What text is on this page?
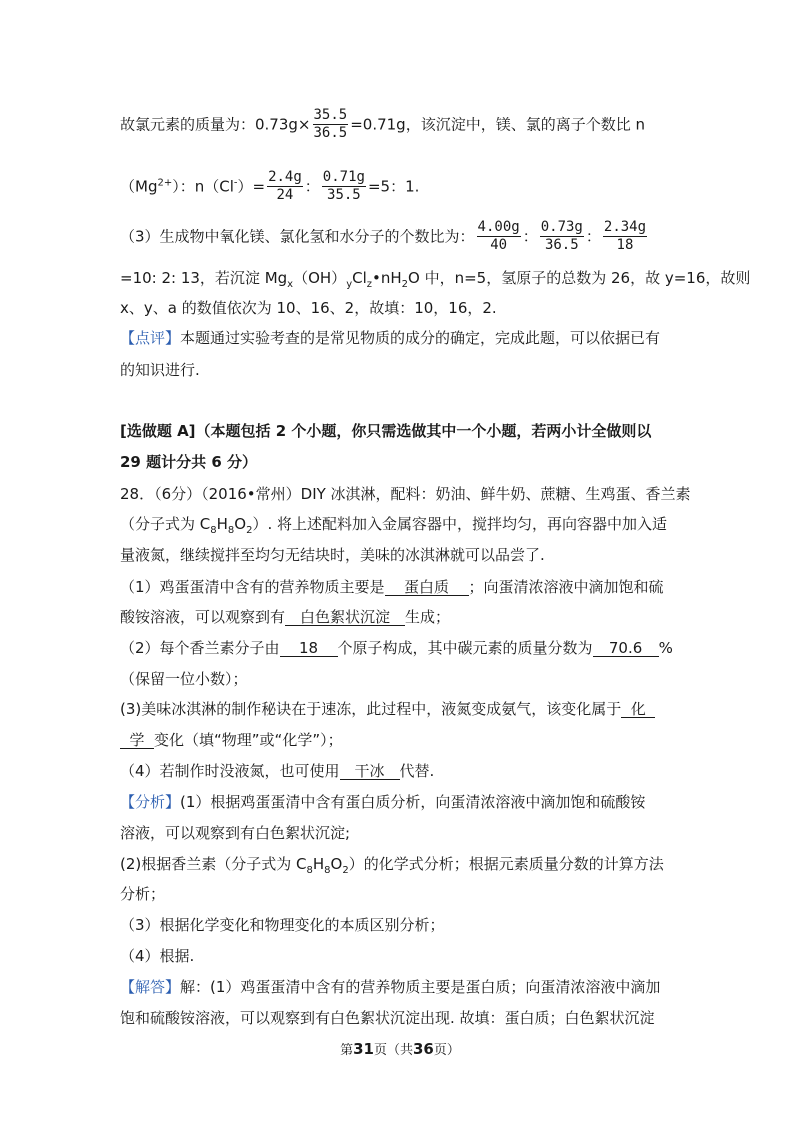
故氯元素的质量为：$0.73g\times \frac{35.5}{36.5} =0.71g$，该沉淀中，镁、氯的离子个数比 n
$(Mg^{2+})$：$n(Cl^-)= \frac{2.4g}{24}$ ： $\frac{0.71g}{35.5} =5$：1.
（3）生成物中氧化镁、氯化氢和水分子的个数比为： $\frac{4.00g}{40}$ ： $\frac{0.73g}{36.5}$ ： $\frac{2.34g}{18}$
=10: 2: 13，若沉淀 $Mg_x(OH)_yCl_z•nH_2O$ 中，n=5，氢原子的总数为 26，故 y=16，故则
x、y、a 的数值依次为 10、16、2，故填：10，16，2.
【点评】本题通过实验考查的是常见物质的成分的确定，完成此题，可以依据已有
的知识进行.
[选做题 A]（本题包括 2 个小题，你只需选做其中一个小题，若两小计全做则以
29 题计分共 6 分）
28．（6分）（2016•常州）DIY 冰淇淋，配料：奶油、鲜牛奶、蔗糖、生鸡蛋、香兰素
（分子式为 $C_8H_8O_2$）. 将上述配料加入金属容器中，搅拌均匀，再向容器中加入适
量液氮，继续搅拌至均匀无结块时，美味的冰淇淋就可以品尝了.
（1）鸡蛋蛋清中含有的营养物质主要是 蛋白质 ；向蛋清浓溶液中滴加饱和硫
酸铵溶液，可以观察到有 白色絮状沉淀 生成；
（2）每个香兰素分子由 18 个原子构成，其中碳元素的质量分数为 70.6 %
（保留一位小数）；
(3)美味冰淇淋的制作秘诀在于速冻，此过程中，液氮变成氨气，该变化属于 化
学 变化（填“物理”或“化学”）；
（4）若制作时没液氮，也可使用 干冰 代替.
【分析】(1）根据鸡蛋蛋清中含有蛋白质分析，向蛋清浓溶液中滴加饱和硫酸铵
溶液，可以观察到有白色絮状沉淀;
(2)根据香兰素（分子式为 $C_8H_8O_2$）的化学式分析；根据元素质量分数的计算方法
分析；
（3）根据化学变化和物理变化的本质区别分析；
（4）根据.
【解答】解：(1）鸡蛋蛋清中含有的营养物质主要是蛋白质；向蛋清浓溶液中滴加
饱和硫酸铵溶液，可以观察到有白色絮状沉淀出现. 故填：蛋白质；白色絮状沉淀
第31页（共36页）
